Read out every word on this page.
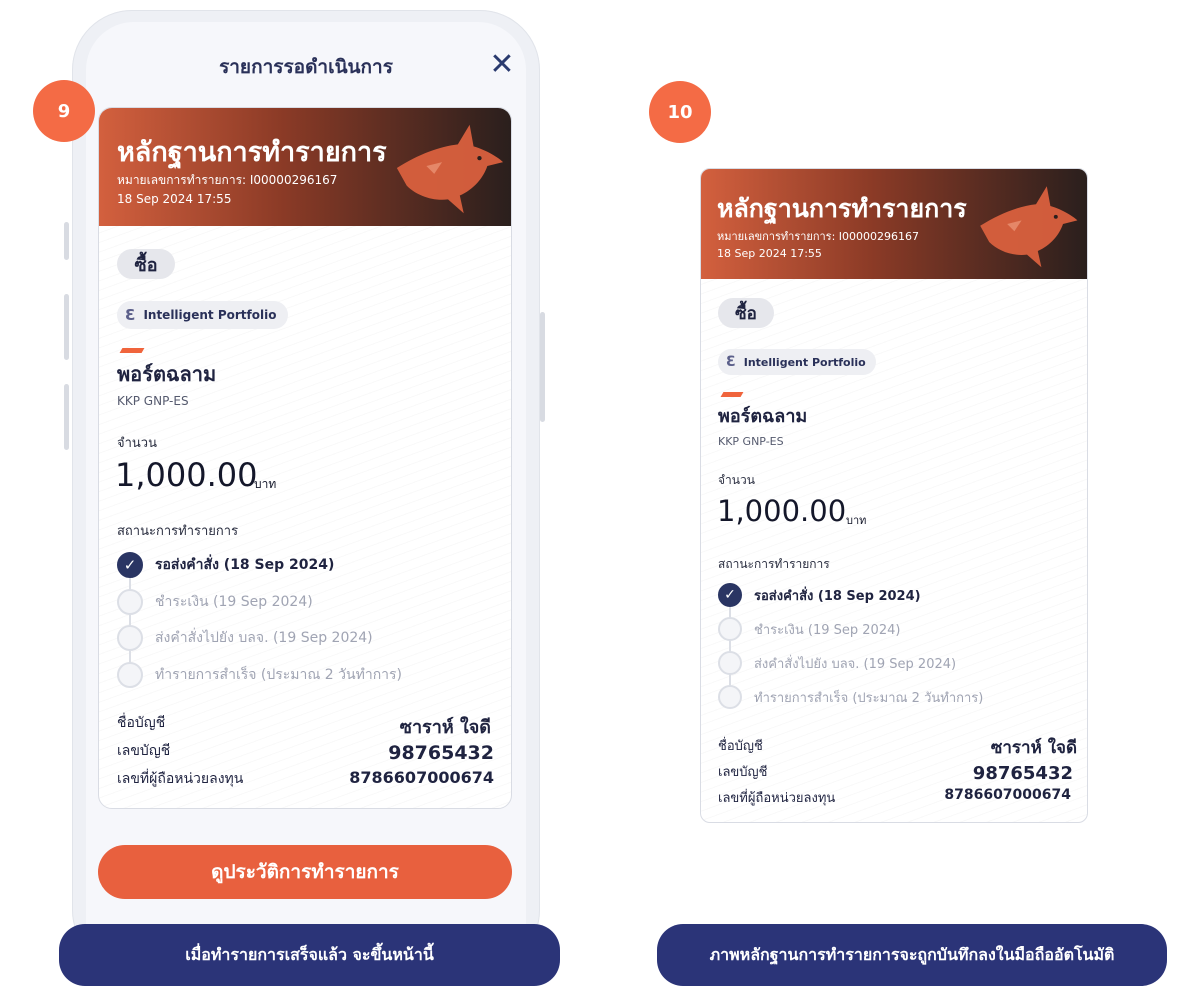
รายการรอดำเนินการ	✕
หลักฐานการทำรายการ
หมายเลขการทำรายการ: I00000296167
18 Sep 2024 17:55
ซื้อ
Ɛ Intelligent Portfolio
พอร์ตฉลาม
KKP GNP-ES
จำนวน
1,000.00
บาท
สถานะการทำรายการ
✓	รอส่งคำสั่ง (18 Sep 2024)
ชำระเงิน (19 Sep 2024)
ส่งคำสั่งไปยัง บลจ. (19 Sep 2024)
ทำรายการสำเร็จ (ประมาณ 2 วันทำการ)
ชื่อบัญชี	ซาราห์ ใจดี
เลขบัญชี	98765432
เลขที่ผู้ถือหน่วยลงทุน	8786607000674
ดูประวัติการทำรายการ
9
เมื่อทำรายการเสร็จแล้ว จะขึ้นหน้านี้
10
หลักฐานการทำรายการ
หมายเลขการทำรายการ: I00000296167
18 Sep 2024 17:55
ซื้อ
Ɛ Intelligent Portfolio
พอร์ตฉลาม
KKP GNP-ES
จำนวน
1,000.00 บาท
สถานะการทำรายการ
✓	รอส่งคำสั่ง (18 Sep 2024)
ชำระเงิน (19 Sep 2024)
ส่งคำสั่งไปยัง บลจ. (19 Sep 2024)
ทำรายการสำเร็จ (ประมาณ 2 วันทำการ)
ชื่อบัญชี	ซาราห์ ใจดี
เลขบัญชี	98765432
เลขที่ผู้ถือหน่วยลงทุน	8786607000674
ภาพหลักฐานการทำรายการจะถูกบันทึกลงในมือถืออัตโนมัติ
